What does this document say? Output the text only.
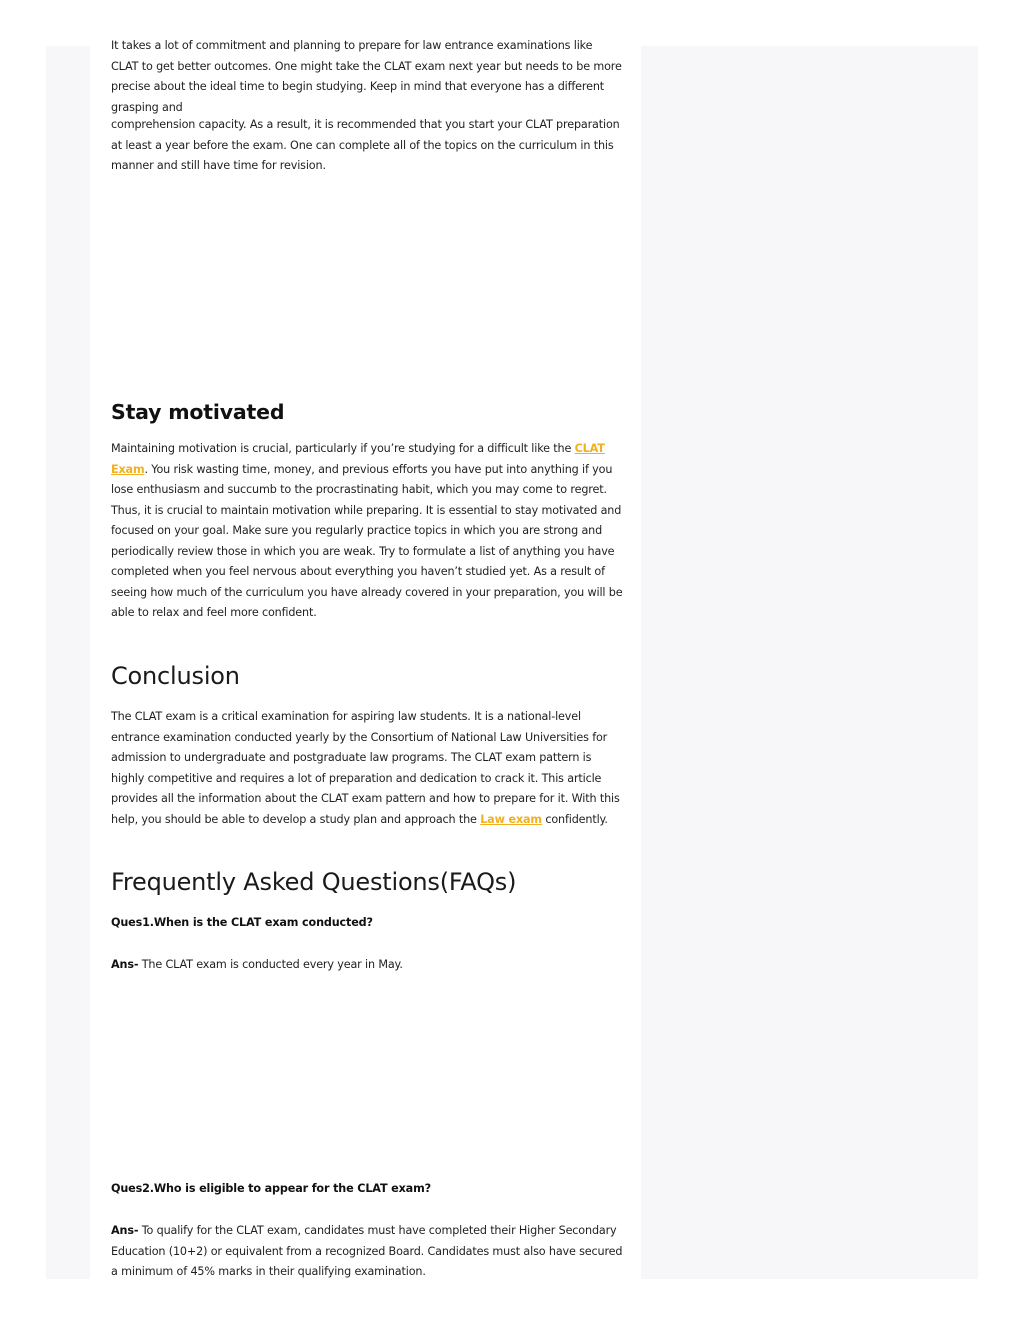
It takes a lot of commitment and planning to prepare for law entrance examinations like CLAT to get better outcomes. One might take the CLAT exam next year but needs to be more precise about the ideal time to begin studying. Keep in mind that everyone has a different grasping and

comprehension capacity. As a result, it is recommended that you start your CLAT preparation at least a year before the exam. One can complete all of the topics on the curriculum in this manner and still have time for revision.

Stay motivated

Maintaining motivation is crucial, particularly if you’re studying for a difficult like the CLAT Exam. You risk wasting time, money, and previous efforts you have put into anything if you lose enthusiasm and succumb to the procrastinating habit, which you may come to regret. Thus, it is crucial to maintain motivation while preparing. It is essential to stay motivated and focused on your goal. Make sure you regularly practice topics in which you are strong and periodically review those in which you are weak. Try to formulate a list of anything you have completed when you feel nervous about everything you haven’t studied yet. As a result of seeing how much of the curriculum you have already covered in your preparation, you will be able to relax and feel more confident.

Conclusion

The CLAT exam is a critical examination for aspiring law students. It is a national-level entrance examination conducted yearly by the Consortium of National Law Universities for admission to undergraduate and postgraduate law programs. The CLAT exam pattern is highly competitive and requires a lot of preparation and dedication to crack it. This article provides all the information about the CLAT exam pattern and how to prepare for it. With this help, you should be able to develop a study plan and approach the Law exam confidently.

Frequently Asked Questions(FAQs)

Ques1.When is the CLAT exam conducted?

Ans- The CLAT exam is conducted every year in May.

Ques2.Who is eligible to appear for the CLAT exam?

Ans- To qualify for the CLAT exam, candidates must have completed their Higher Secondary Education (10+2) or equivalent from a recognized Board. Candidates must also have secured a minimum of 45% marks in their qualifying examination.
